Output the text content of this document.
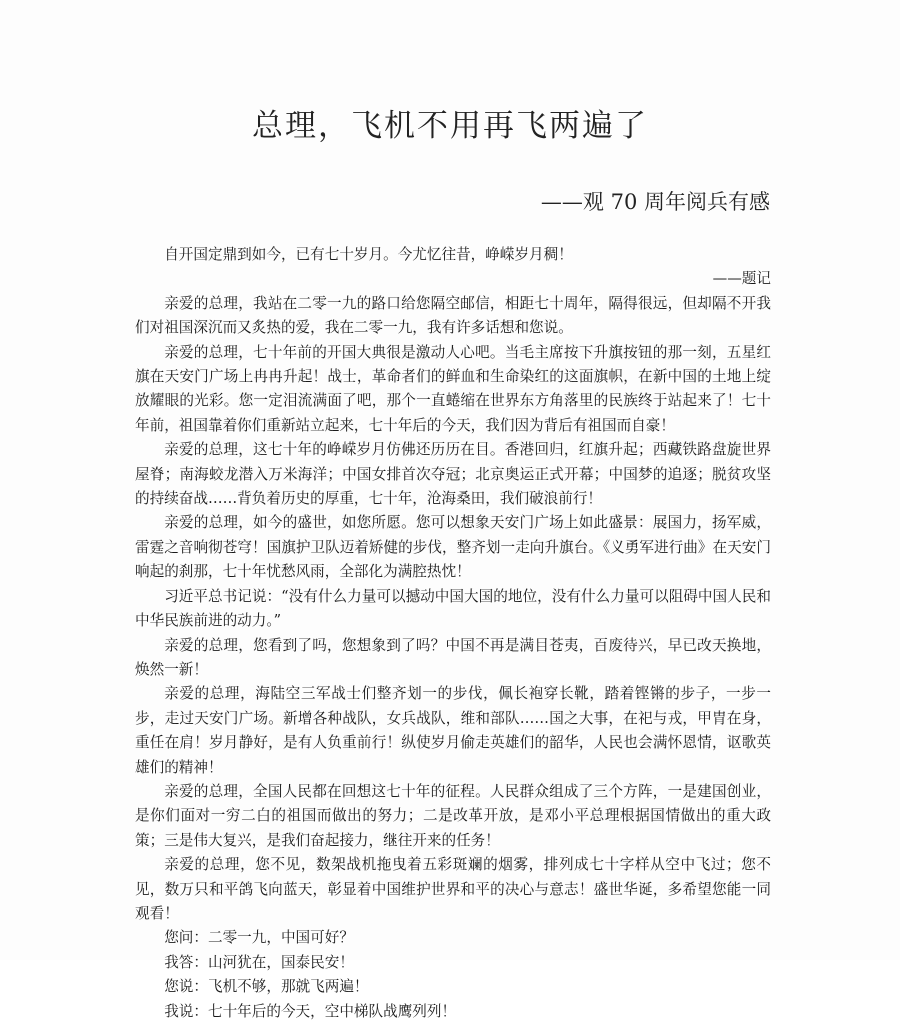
总理，飞机不用再飞两遍了
——观 70 周年阅兵有感

自开国定鼎到如今，已有七十岁月。今尤忆往昔，峥嵘岁月稠！

——题记

亲爱的总理，我站在二零一九的路口给您隔空邮信，相距七十周年，隔得很远，但却隔不开我们对祖国深沉而又炙热的爱，我在二零一九，我有许多话想和您说。

亲爱的总理，七十年前的开国大典很是激动人心吧。当毛主席按下升旗按钮的那一刻，五星红旗在天安门广场上冉冉升起！战士，革命者们的鲜血和生命染红的这面旗帜，在新中国的土地上绽放耀眼的光彩。您一定泪流满面了吧，那个一直蜷缩在世界东方角落里的民族终于站起来了！七十年前，祖国靠着你们重新站立起来，七十年后的今天，我们因为背后有祖国而自豪！

亲爱的总理，这七十年的峥嵘岁月仿佛还历历在目。香港回归，红旗升起；西藏铁路盘旋世界屋脊；南海蛟龙潜入万米海洋；中国女排首次夺冠；北京奥运正式开幕；中国梦的追逐；脱贫攻坚的持续奋战……背负着历史的厚重，七十年，沧海桑田，我们破浪前行！

亲爱的总理，如今的盛世，如您所愿。您可以想象天安门广场上如此盛景：展国力，扬军威，雷霆之音响彻苍穹！国旗护卫队迈着矫健的步伐，整齐划一走向升旗台。《义勇军进行曲》在天安门响起的刹那，七十年忧愁风雨，全部化为满腔热忱！

习近平总书记说：“没有什么力量可以撼动中国大国的地位，没有什么力量可以阻碍中国人民和中华民族前进的动力。”

亲爱的总理，您看到了吗，您想象到了吗？中国不再是满目苍夷，百废待兴，早已改天换地，焕然一新！

亲爱的总理，海陆空三军战士们整齐划一的步伐，佩长袍穿长靴，踏着铿锵的步子，一步一步，走过天安门广场。新增各种战队，女兵战队，维和部队……国之大事，在祀与戎，甲胄在身，重任在肩！岁月静好，是有人负重前行！纵使岁月偷走英雄们的韶华，人民也会满怀恩情，讴歌英雄们的精神！

亲爱的总理，全国人民都在回想这七十年的征程。人民群众组成了三个方阵，一是建国创业，是你们面对一穷二白的祖国而做出的努力；二是改革开放，是邓小平总理根据国情做出的重大政策；三是伟大复兴，是我们奋起接力，继往开来的任务！

亲爱的总理，您不见，数架战机拖曳着五彩斑斓的烟雾，排列成七十字样从空中飞过；您不见，数万只和平鸽飞向蓝天，彰显着中国维护世界和平的决心与意志！盛世华诞，多希望您能一同观看！

您问：二零一九，中国可好？

我答：山河犹在，国泰民安！

您说：飞机不够，那就飞两遍！

我说：七十年后的今天，空中梯队战鹰列列！
